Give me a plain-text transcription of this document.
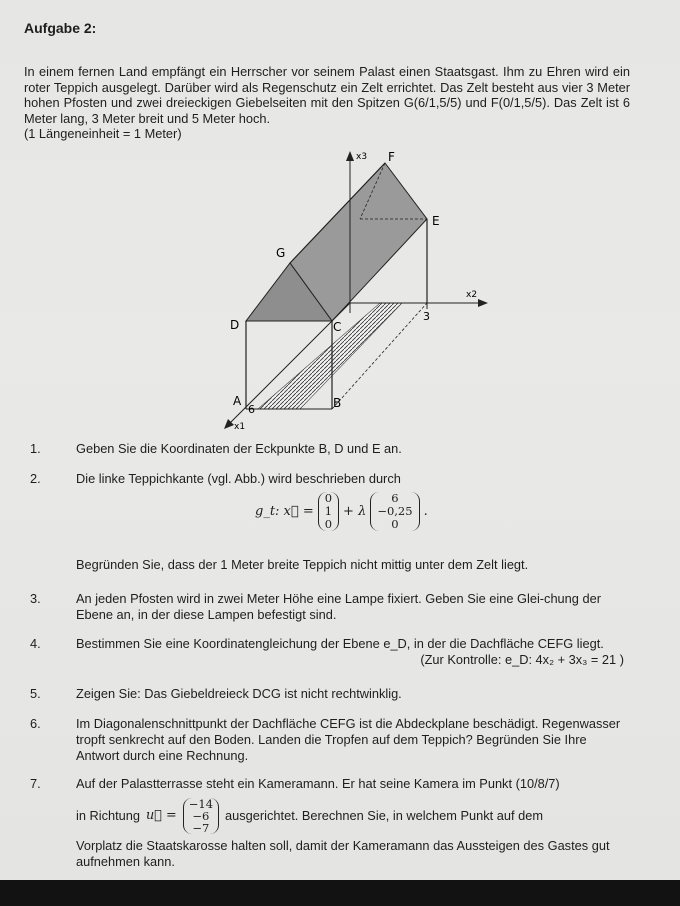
Aufgabe 2:

In einem fernen Land empfängt ein Herrscher vor seinem Palast einen Staatsgast. Ihm zu Ehren wird ein roter Teppich ausgelegt. Darüber wird als Regenschutz ein Zelt errichtet. Das Zelt besteht aus vier 3 Meter hohen Pfosten und zwei dreieckigen Giebelseiten mit den Spitzen G(6/1,5/5) und F(0/1,5/5). Das Zelt ist 6 Meter lang, 3 Meter breit und 5 Meter hoch.

(1 Längeneinheit = 1 Meter)

x3 F
E
G
x2
3
D	C
A
6	B
x1
1.	Geben Sie die Koordinaten der Eckpunkte B, D und E an.
2.	Die linke Teppichkante (vgl. Abb.) wird beschrieben durch
g_t: x⃗ =
0
1
0
+ λ
6
−0,25
0
.
Begründen Sie, dass der 1 Meter breite Teppich nicht mittig unter dem Zelt liegt.
3.	An jeden Pfosten wird in zwei Meter Höhe eine Lampe fixiert. Geben Sie eine Glei-chung der Ebene an, in der diese Lampen befestigt sind.
4.	Bestimmen Sie eine Koordinatengleichung der Ebene e_D, in der die Dachfläche CEFG liegt.

(Zur Kontrolle: e_D: 4x₂ + 3x₃ = 21 )
5.	Zeigen Sie: Das Giebeldreieck DCG ist nicht rechtwinklig.
6.	Im Diagonalenschnittpunkt der Dachfläche CEFG ist die Abdeckplane beschädigt. Regenwasser tropft senkrecht auf den Boden. Landen die Tropfen auf dem Teppich? Begründen Sie Ihre Antwort durch eine Rechnung.
7.	Auf der Palastterrasse steht ein Kameramann. Er hat seine Kamera im Punkt (10/8/7)
in Richtung u⃗ =
−14
−6
−7
ausgerichtet. Berechnen Sie, in welchem Punkt auf dem
Vorplatz die Staatskarosse halten soll, damit der Kameramann das Aussteigen des Gastes gut aufnehmen kann.
